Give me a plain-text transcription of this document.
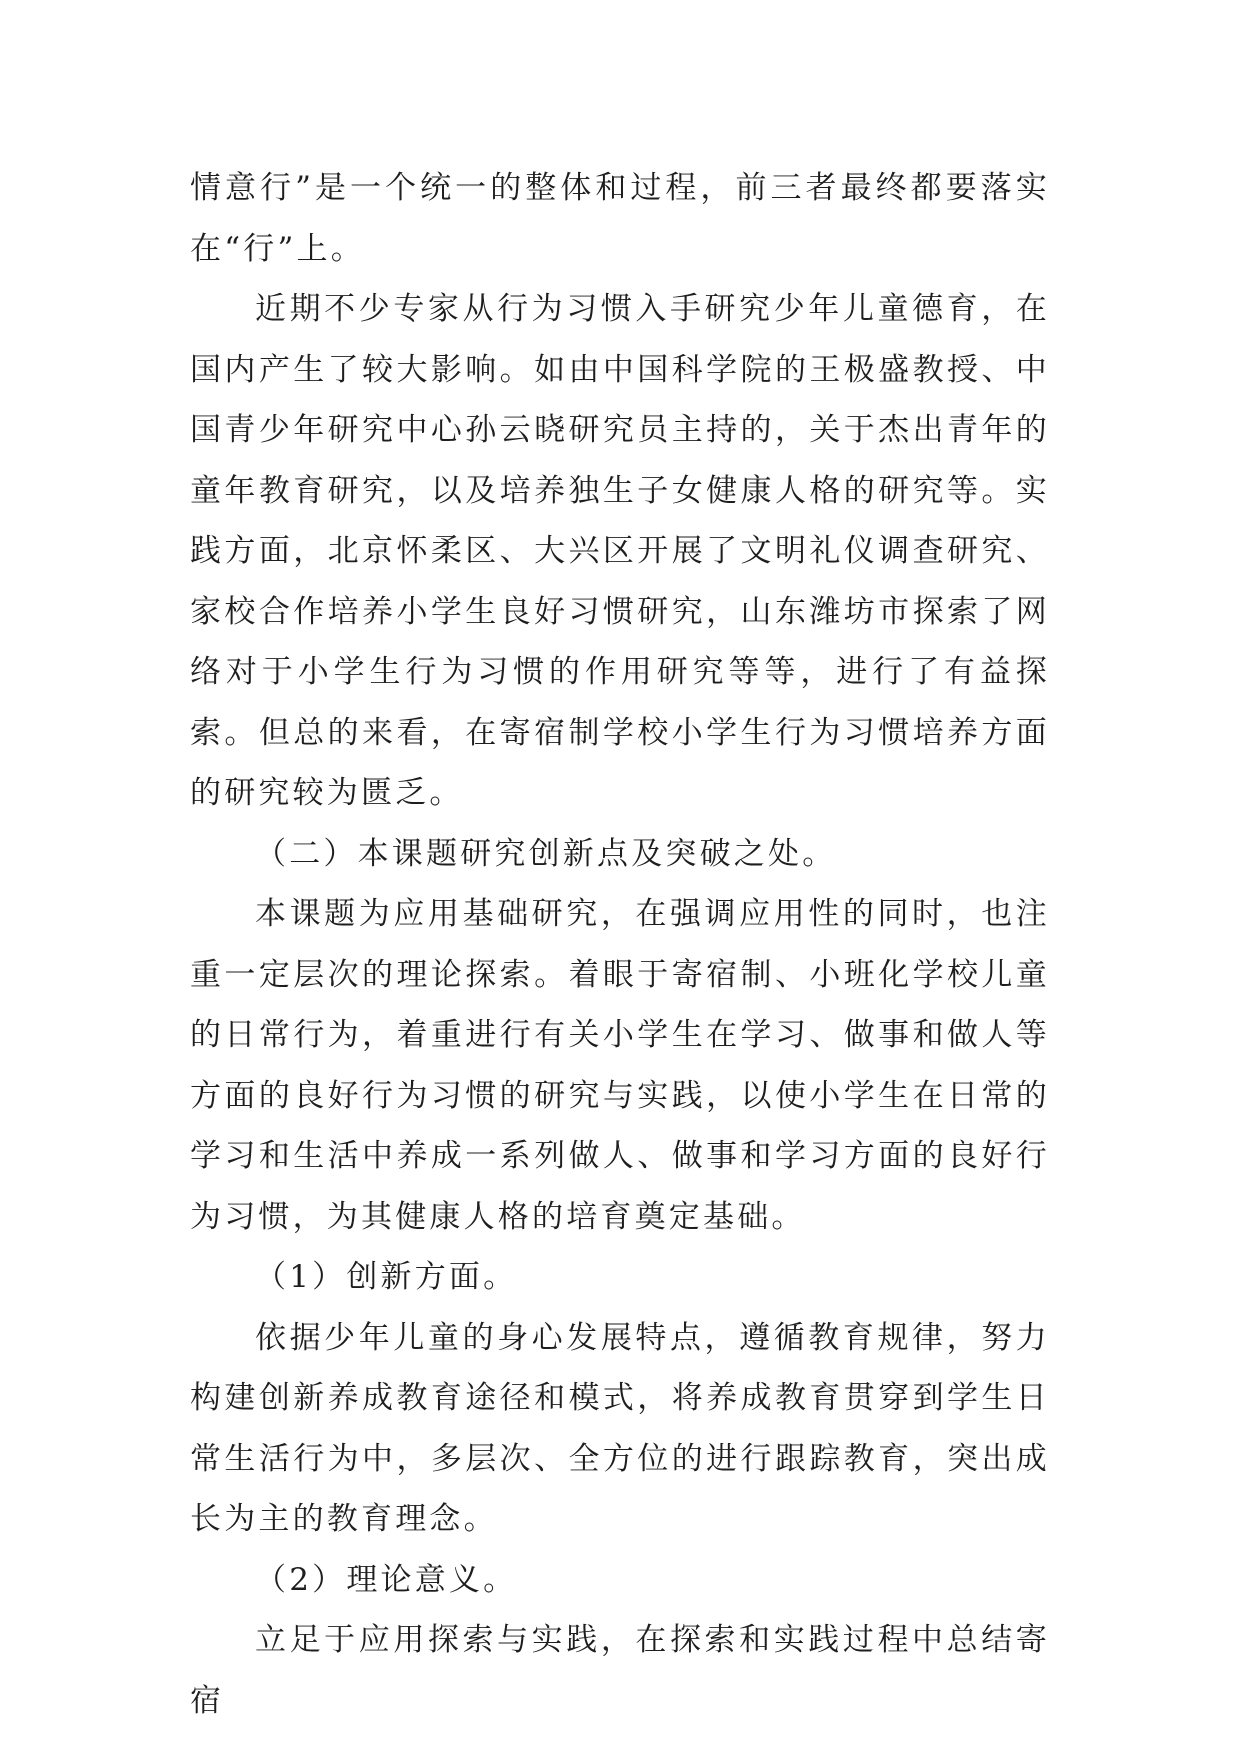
情意行”是一个统一的整体和过程，前三者最终都要落实在“行”上。

近期不少专家从行为习惯入手研究少年儿童德育，在国内产生了较大影响。如由中国科学院的王极盛教授、中国青少年研究中心孙云晓研究员主持的，关于杰出青年的童年教育研究，以及培养独生子女健康人格的研究等。实践方面，北京怀柔区、大兴区开展了文明礼仪调查研究、家校合作培养小学生良好习惯研究，山东潍坊市探索了网络对于小学生行为习惯的作用研究等等，进行了有益探索。但总的来看，在寄宿制学校小学生行为习惯培养方面的研究较为匮乏。

（二）本课题研究创新点及突破之处。

本课题为应用基础研究，在强调应用性的同时，也注重一定层次的理论探索。着眼于寄宿制、小班化学校儿童的日常行为，着重进行有关小学生在学习、做事和做人等方面的良好行为习惯的研究与实践，以使小学生在日常的学习和生活中养成一系列做人、做事和学习方面的良好行为习惯，为其健康人格的培育奠定基础。

（1）创新方面。

依据少年儿童的身心发展特点，遵循教育规律，努力构建创新养成教育途径和模式，将养成教育贯穿到学生日常生活行为中，多层次、全方位的进行跟踪教育，突出成长为主的教育理念。

（2）理论意义。

立足于应用探索与实践，在探索和实践过程中总结寄宿
